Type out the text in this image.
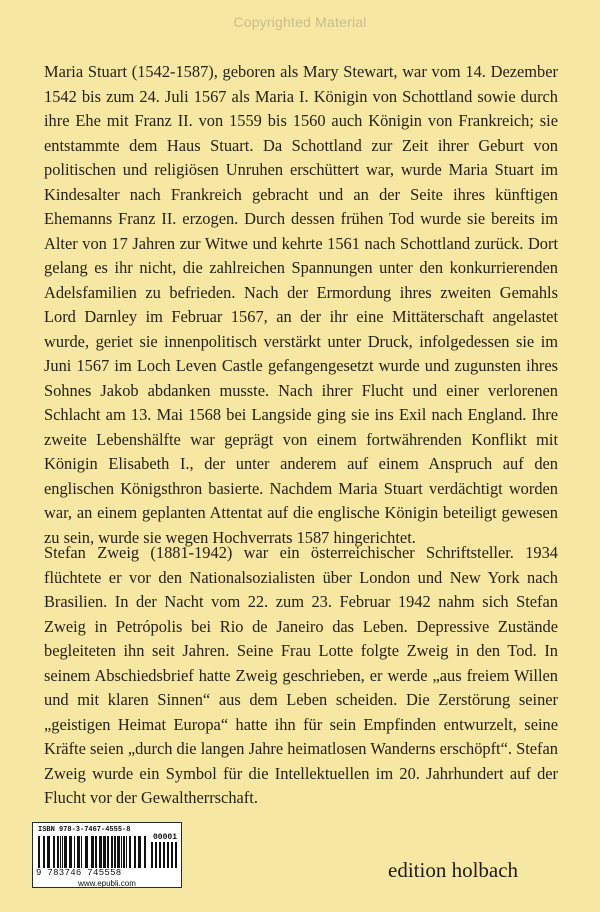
Copyrighted Material

Maria Stuart (1542-1587), geboren als Mary Stewart, war vom 14. Dezember 1542 bis zum 24. Juli 1567 als Maria I. Königin von Schottland sowie durch ihre Ehe mit Franz II. von 1559 bis 1560 auch Königin von Frankreich; sie entstammte dem Haus Stuart. Da Schottland zur Zeit ihrer Geburt von politischen und religiösen Unruhen erschüttert war, wurde Maria Stuart im Kindesalter nach Frankreich gebracht und an der Seite ihres künftigen Ehemanns Franz II. erzogen. Durch dessen frühen Tod wurde sie bereits im Alter von 17 Jahren zur Witwe und kehrte 1561 nach Schottland zurück. Dort gelang es ihr nicht, die zahlreichen Spannungen unter den konkurrierenden Adelsfamilien zu befrieden. Nach der Ermordung ihres zweiten Gemahls Lord Darnley im Februar 1567, an der ihr eine Mittäterschaft angelastet wurde, geriet sie innenpolitisch verstärkt unter Druck, infolgedessen sie im Juni 1567 im Loch Leven Castle gefangengesetzt wurde und zugunsten ihres Sohnes Jakob abdanken musste. Nach ihrer Flucht und einer verlorenen Schlacht am 13. Mai 1568 bei Langside ging sie ins Exil nach England. Ihre zweite Lebenshälfte war geprägt von einem fortwährenden Konflikt mit Königin Elisabeth I., der unter anderem auf einem Anspruch auf den englischen Königsthron basierte. Nachdem Maria Stuart verdächtigt worden war, an einem geplanten Attentat auf die englische Königin beteiligt gewesen zu sein, wurde sie wegen Hochverrats 1587 hingerichtet.

Stefan Zweig (1881-1942) war ein österreichischer Schriftsteller. 1934 flüchtete er vor den Nationalsozialisten über London und New York nach Brasilien. In der Nacht vom 22. zum 23. Februar 1942 nahm sich Stefan Zweig in Petrópolis bei Rio de Janeiro das Leben. Depressive Zustände begleiteten ihn seit Jahren. Seine Frau Lotte folgte Zweig in den Tod. In seinem Abschiedsbrief hatte Zweig geschrieben, er werde „aus freiem Willen und mit klaren Sinnen“ aus dem Leben scheiden. Die Zerstörung seiner „geistigen Heimat Europa“ hatte ihn für sein Empfinden entwurzelt, seine Kräfte seien „durch die langen Jahre heimatlosen Wanderns erschöpft“. Stefan Zweig wurde ein Symbol für die Intellektuellen im 20. Jahrhundert auf der Flucht vor der Gewaltherrschaft.

ISBN 978-3-7467-4555-8
00001
9 783746 745558
www.epubli.com
edition holbach
